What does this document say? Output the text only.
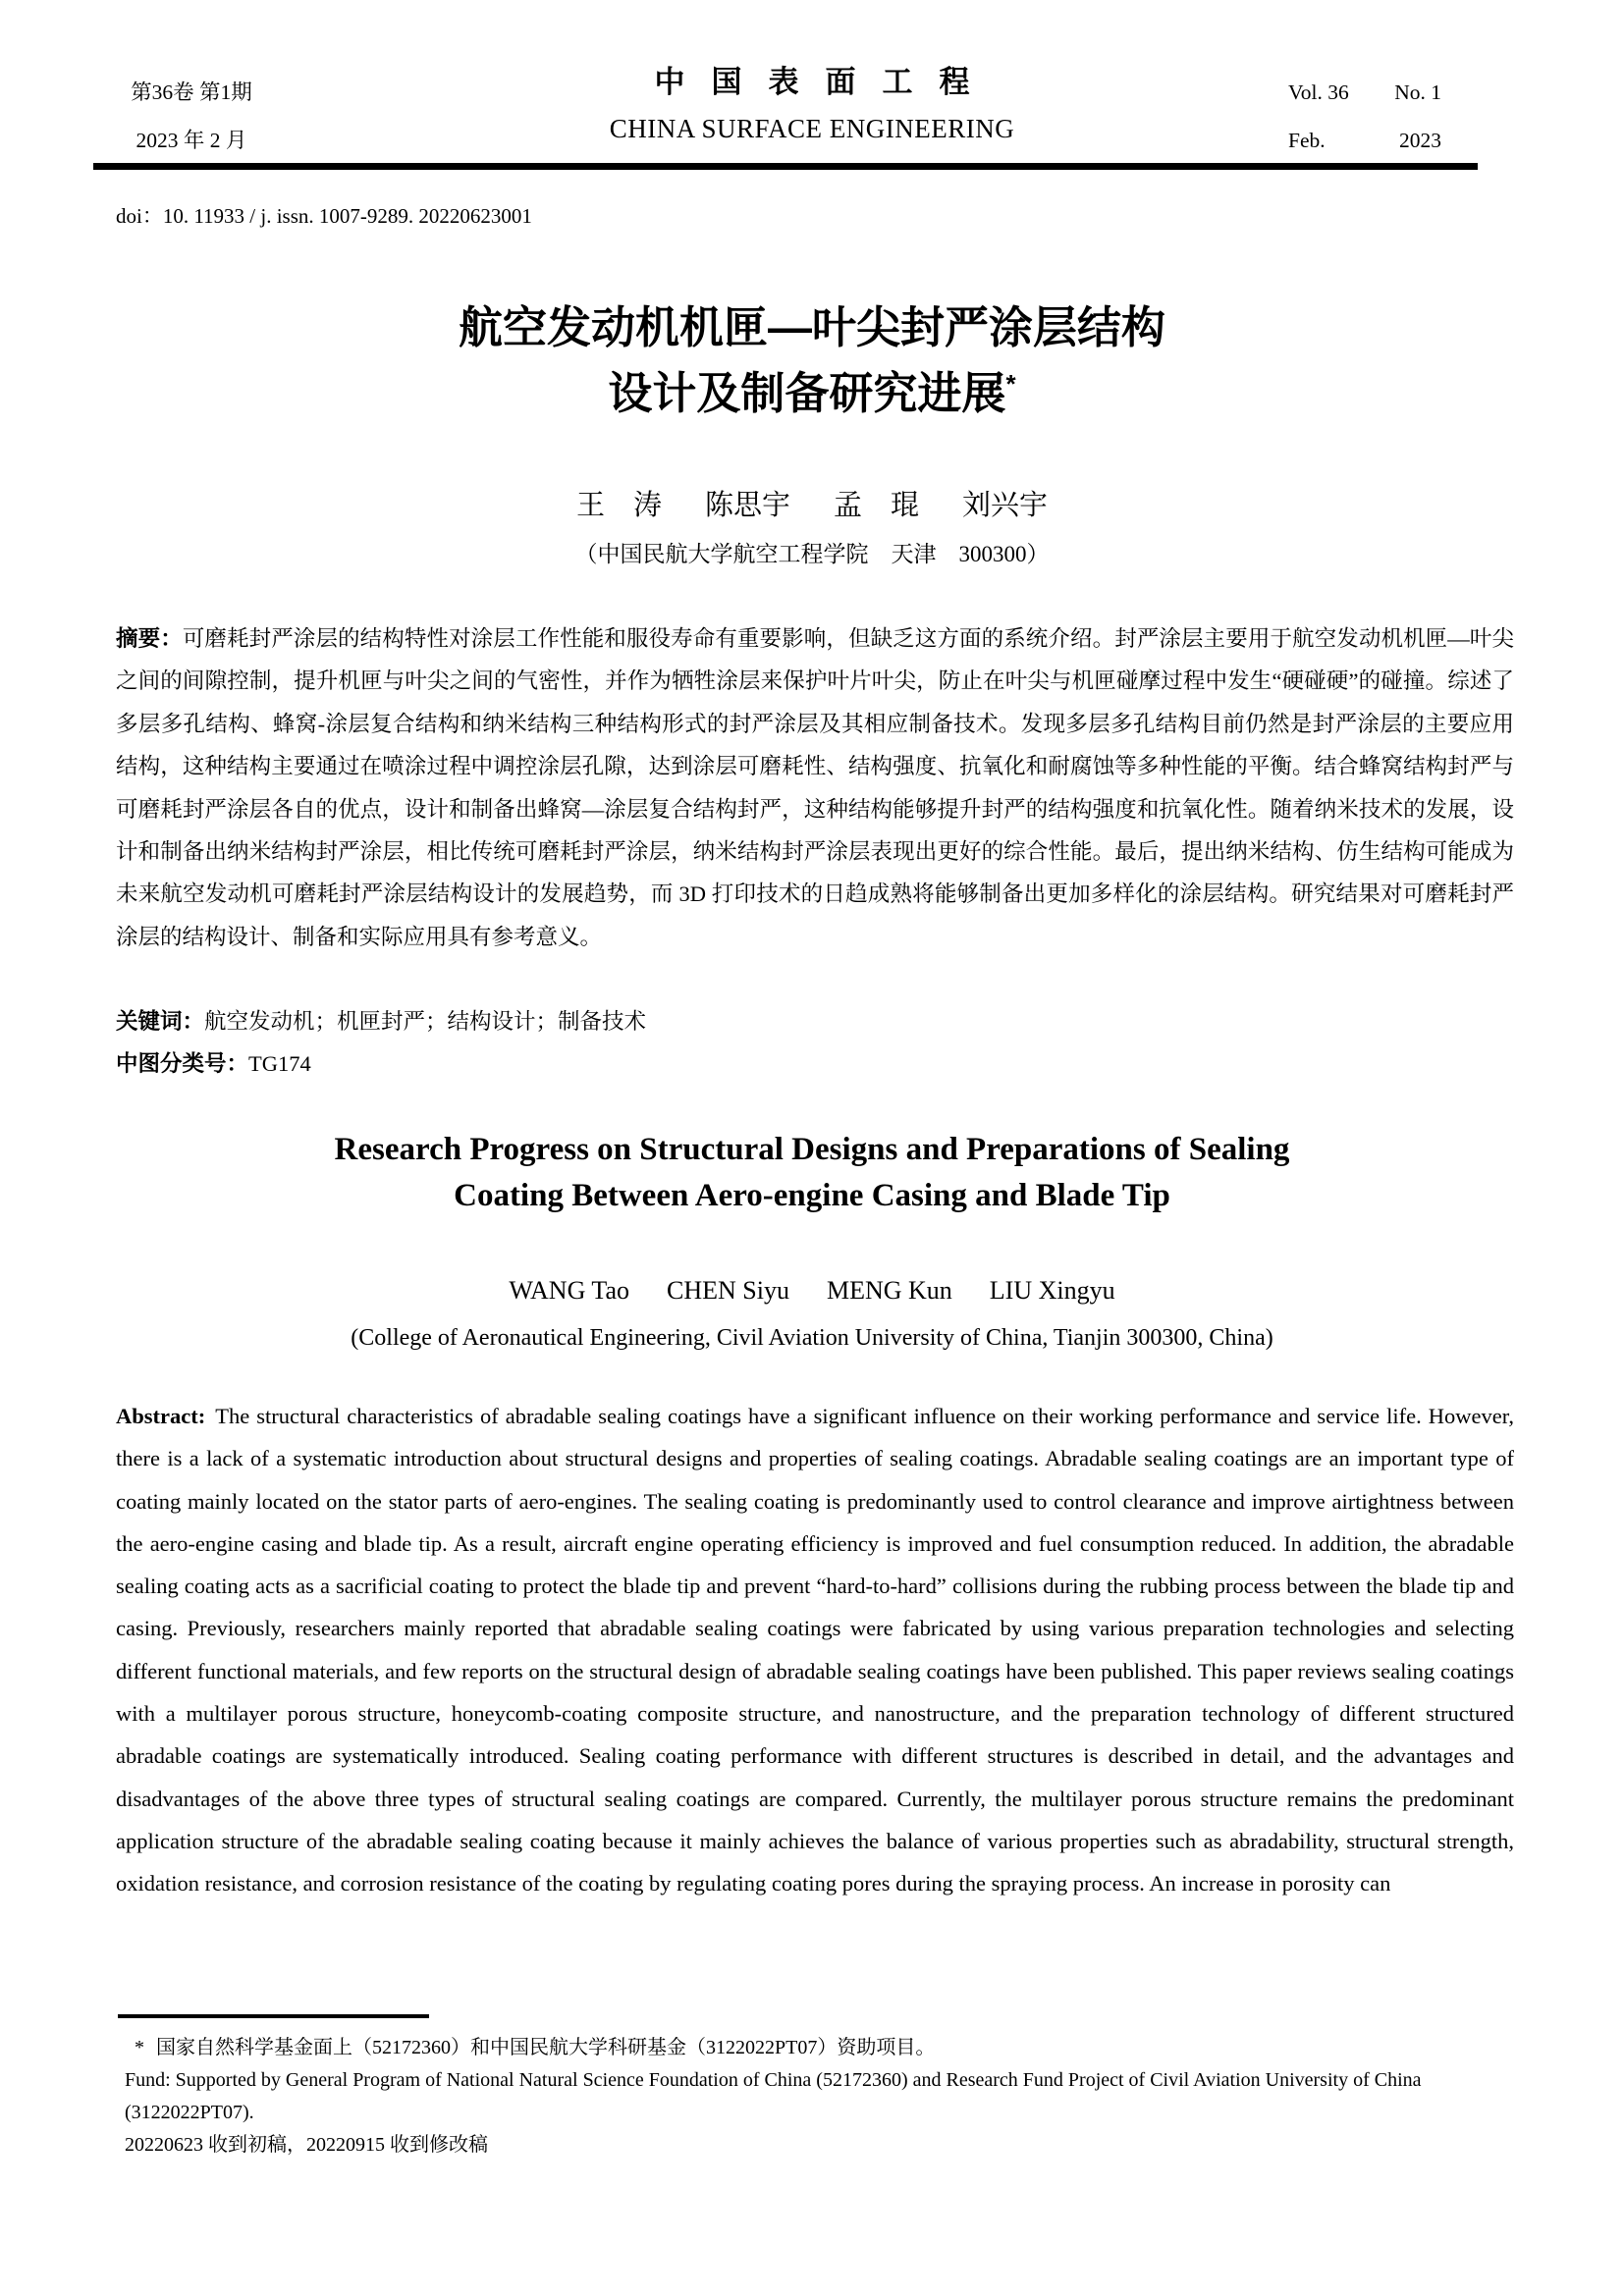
第36卷 第1期
2023 年 2 月
中国表面工程
CHINA SURFACE ENGINEERING
Vol. 36 No. 1
Feb.	2023
doi：10. 11933 / j. issn. 1007-9289. 20220623001
航空发动机机匣—叶尖封严涂层结构
设计及制备研究进展*
王　涛 陈思宇 孟　琨 刘兴宇
（中国民航大学航空工程学院　天津　300300）
摘要：可磨耗封严涂层的结构特性对涂层工作性能和服役寿命有重要影响，但缺乏这方面的系统介绍。封严涂层主要用于航空发动机机匣—叶尖之间的间隙控制，提升机匣与叶尖之间的气密性，并作为牺牲涂层来保护叶片叶尖，防止在叶尖与机匣碰摩过程中发生“硬碰硬”的碰撞。综述了多层多孔结构、蜂窝-涂层复合结构和纳米结构三种结构形式的封严涂层及其相应制备技术。发现多层多孔结构目前仍然是封严涂层的主要应用结构，这种结构主要通过在喷涂过程中调控涂层孔隙，达到涂层可磨耗性、结构强度、抗氧化和耐腐蚀等多种性能的平衡。结合蜂窝结构封严与可磨耗封严涂层各自的优点，设计和制备出蜂窝—涂层复合结构封严，这种结构能够提升封严的结构强度和抗氧化性。随着纳米技术的发展，设计和制备出纳米结构封严涂层，相比传统可磨耗封严涂层，纳米结构封严涂层表现出更好的综合性能。最后，提出纳米结构、仿生结构可能成为未来航空发动机可磨耗封严涂层结构设计的发展趋势，而 3D 打印技术的日趋成熟将能够制备出更加多样化的涂层结构。研究结果对可磨耗封严涂层的结构设计、制备和实际应用具有参考意义。
关键词：航空发动机；机匣封严；结构设计；制备技术
中图分类号：TG174
Research Progress on Structural Designs and Preparations of Sealing
Coating Between Aero-engine Casing and Blade Tip
WANG Tao CHEN Siyu MENG Kun LIU Xingyu
(College of Aeronautical Engineering, Civil Aviation University of China, Tianjin 300300, China)
Abstract: The structural characteristics of abradable sealing coatings have a significant influence on their working performance and service life. However, there is a lack of a systematic introduction about structural designs and properties of sealing coatings. Abradable sealing coatings are an important type of coating mainly located on the stator parts of aero-engines. The sealing coating is predominantly used to control clearance and improve airtightness between the aero-engine casing and blade tip. As a result, aircraft engine operating efficiency is improved and fuel consumption reduced. In addition, the abradable sealing coating acts as a sacrificial coating to protect the blade tip and prevent “hard-to-hard” collisions during the rubbing process between the blade tip and casing. Previously, researchers mainly reported that abradable sealing coatings were fabricated by using various preparation technologies and selecting different functional materials, and few reports on the structural design of abradable sealing coatings have been published. This paper reviews sealing coatings with a multilayer porous structure, honeycomb-coating composite structure, and nanostructure, and the preparation technology of different structured abradable coatings are systematically introduced. Sealing coating performance with different structures is described in detail, and the advantages and disadvantages of the above three types of structural sealing coatings are compared. Currently, the multilayer porous structure remains the predominant application structure of the abradable sealing coating because it mainly achieves the balance of various properties such as abradability, structural strength, oxidation resistance, and corrosion resistance of the coating by regulating coating pores during the spraying process. An increase in porosity can
* 国家自然科学基金面上（52172360）和中国民航大学科研基金（3122022PT07）资助项目。
Fund: Supported by General Program of National Natural Science Foundation of China (52172360) and Research Fund Project of Civil Aviation University of China (3122022PT07).
20220623 收到初稿，20220915 收到修改稿
